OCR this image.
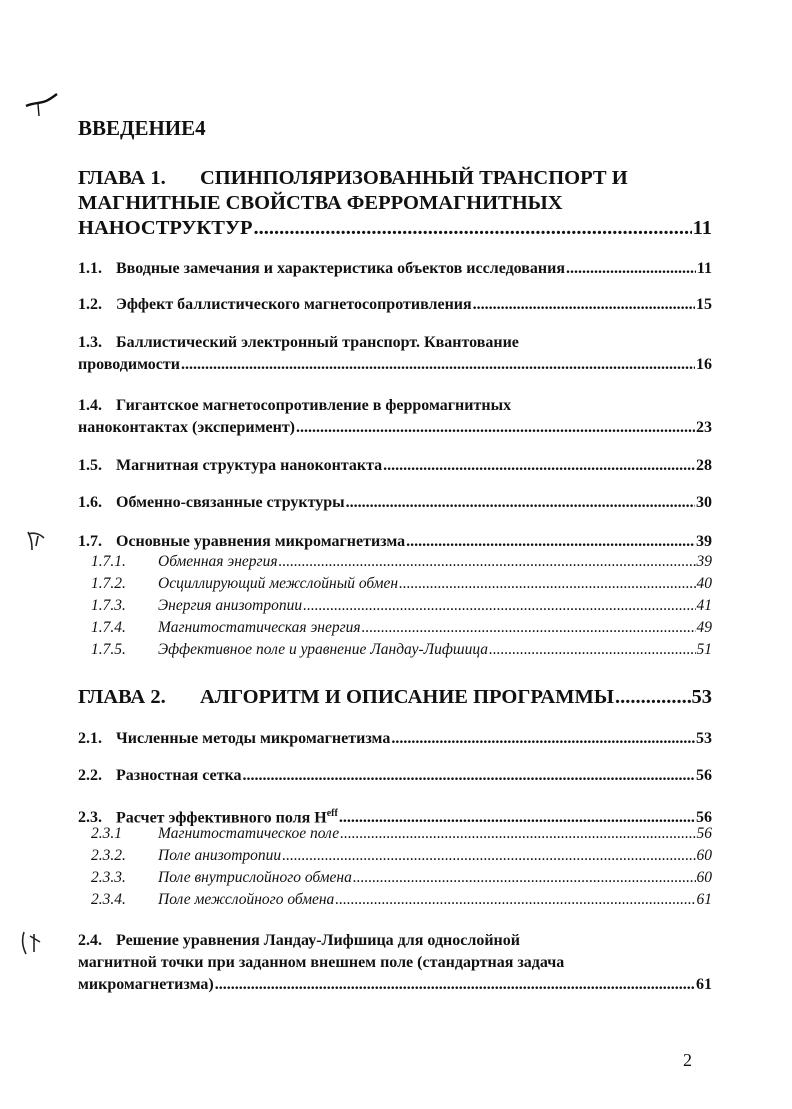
ВВЕДЕНИЕ4
ГЛАВА 1. СПИНПОЛЯРИЗОВАННЫЙ ТРАНСПОРТ И
МАГНИТНЫЕ СВОЙСТВА ФЕРРОМАГНИТНЫХ
НАНОСТРУКТУР .....	11
1.1. Вводные замечания и характеристика объектов исследования .....	11
1.2. Эффект баллистического магнетосопротивления .....	15
1.3. Баллистический электронный транспорт. Квантование
проводимости .....	16
1.4. Гигантское магнетосопротивление в ферромагнитных
наноконтактах (эксперимент) .....	23
1.5. Магнитная структура наноконтакта .....	28
1.6. Обменно-связанные структуры .....	30
1.7. Основные уравнения микромагнетизма .....	39
1.7.1. Обменная энергия .....	39
1.7.2. Осциллирующий межслойный обмен .....	40
1.7.3. Энергия анизотропии .....	41
1.7.4. Магнитостатическая энергия .....	49
1.7.5. Эффективное поле и уравнение Ландау-Лифшица .....	51
ГЛАВА 2. АЛГОРИТМ И ОПИСАНИЕ ПРОГРАММЫ .....	53
2.1. Численные методы микромагнетизма .....	53
2.2. Разностная сетка .....	56
2.3. Расчет эффективного поля $H^{eff}$ .....	56
2.3.1 Магнитостатическое поле .....	56
2.3.2. Поле анизотропии .....	60
2.3.3. Поле внутрислойного обмена .....	60
2.3.4. Поле межслойного обмена .....	61
2.4. Решение уравнения Ландау-Лифшица для однослойной
магнитной точки при заданном внешнем поле (стандартная задача
микромагнетизма) .....	61
2
